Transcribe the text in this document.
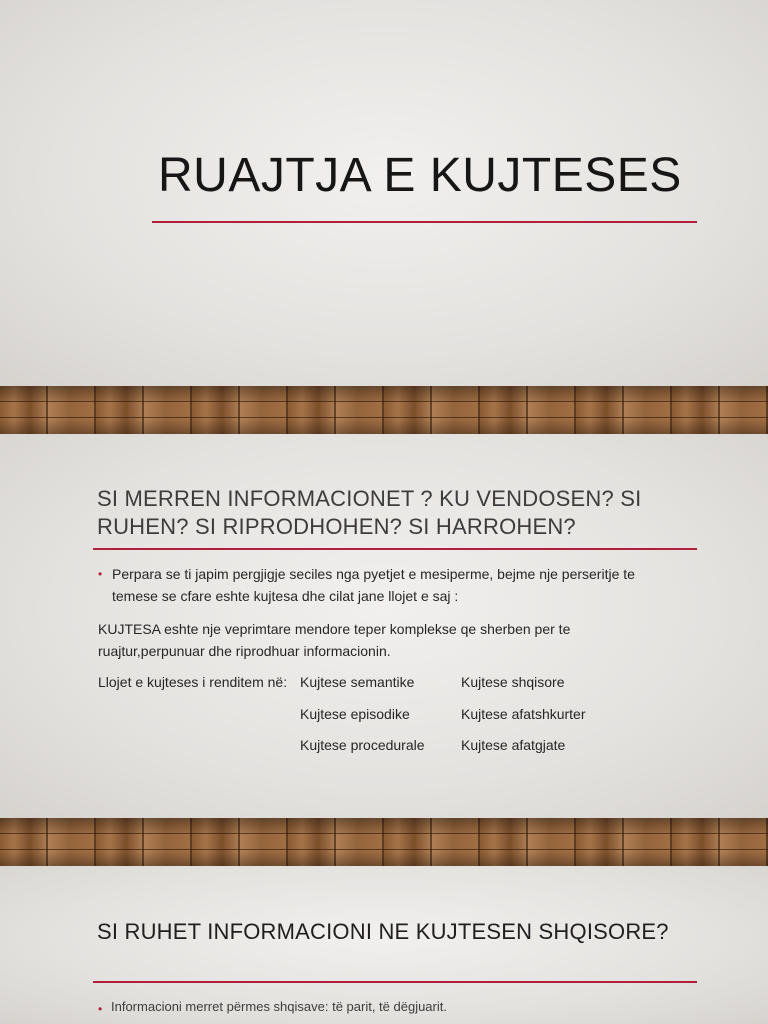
RUAJTJA E KUJTESES
SI MERREN INFORMACIONET ? KU VENDOSEN? SI RUHEN? SI RIPRODHOHEN? SI HARROHEN?
• Perpara se ti japim pergjigje seciles nga pyetjet e mesiperme, bejme nje perseritje te temese se cfare eshte kujtesa dhe cilat jane llojet e saj :
KUJTESA eshte nje veprimtare mendore teper komplekse qe sherben per te ruajtur,perpunuar dhe riprodhuar informacionin.
Llojet e kujteses i renditem në: Kujtese semantike
Kujtese episodike
Kujtese procedurale
Kujtese shqisore
Kujtese afatshkurter
Kujtese afatgjate
SI RUHET INFORMACIONI NE KUJTESEN SHQISORE?
• Informacioni merret përmes shqisave: të parit, të dëgjuarit.
